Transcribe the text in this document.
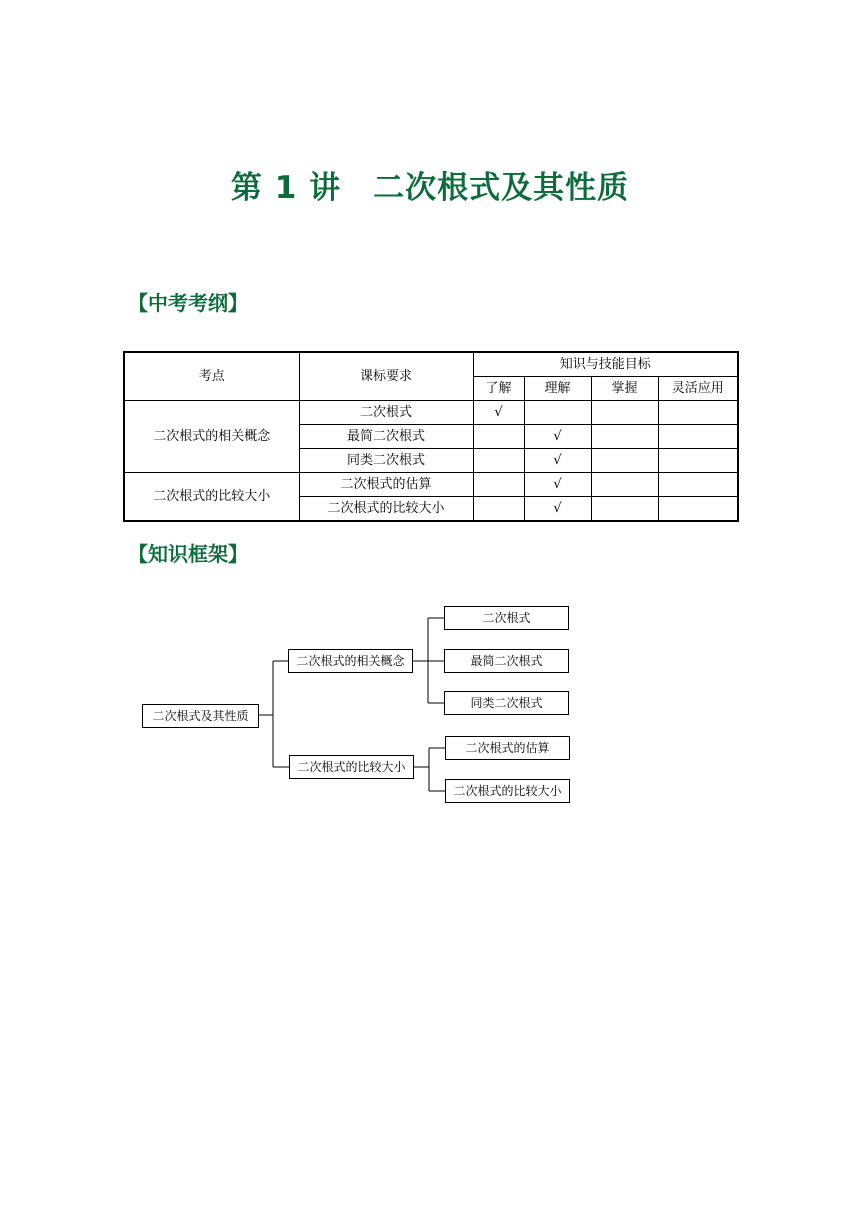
第 1 讲　二次根式及其性质
【中考考纲】
考点	课标要求	知识与技能目标			
		了解	理解	掌握	灵活应用
二次根式的相关概念	二次根式	√			
	最简二次根式		√		
	同类二次根式		√		
二次根式的比较大小	二次根式的估算		√		
	二次根式的比较大小		√		
【知识框架】
二次根式及其性质
二次根式的相关概念
二次根式的比较大小
二次根式
最简二次根式
同类二次根式
二次根式的估算
二次根式的比较大小
